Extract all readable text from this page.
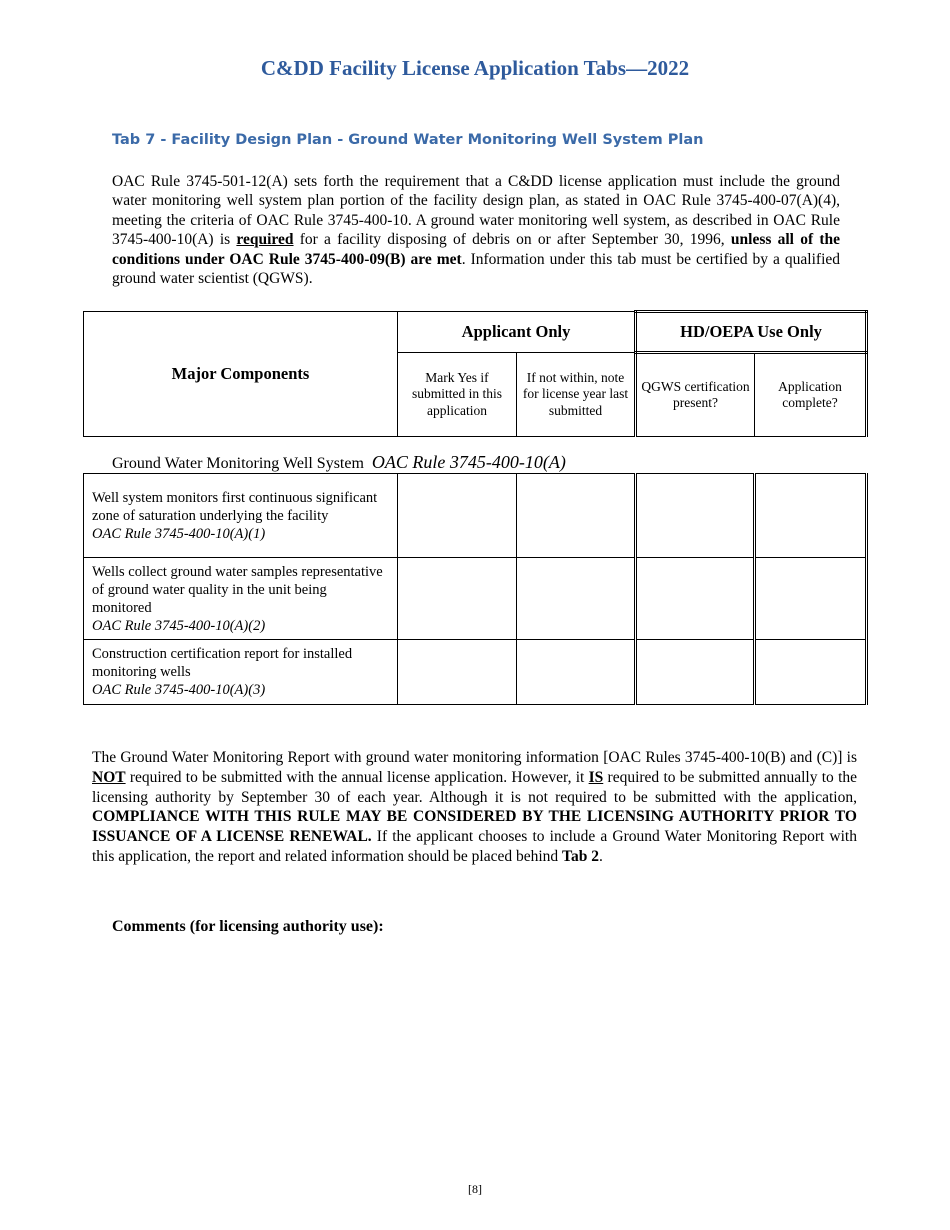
C&DD Facility License Application Tabs—2022
Tab 7 - Facility Design Plan - Ground Water Monitoring Well System Plan

OAC Rule 3745-501-12(A) sets forth the requirement that a C&DD license application must include the ground water monitoring well system plan portion of the facility design plan, as stated in OAC Rule 3745-400-07(A)(4), meeting the criteria of OAC Rule 3745-400-10. A ground water monitoring well system, as described in OAC Rule 3745-400-10(A) is required for a facility disposing of debris on or after September 30, 1996, unless all of the conditions under OAC Rule 3745-400-09(B) are met. Information under this tab must be certified by a qualified ground water scientist (QGWS).

Major Components	Applicant Only		HD/OEPA Use Only	
	Mark Yes if submitted in this application	If not within, note for license year last submitted	QGWS certification present?	Application complete?
Ground Water Monitoring Well System OAC Rule 3745-400-10(A)
Well system monitors first continuous significant zone of saturation underlying the facility
OAC Rule 3745-400-10(A)(1)				
Wells collect ground water samples representative of ground water quality in the unit being monitored
OAC Rule 3745-400-10(A)(2)				
Construction certification report for installed monitoring wells
OAC Rule 3745-400-10(A)(3)				

The Ground Water Monitoring Report with ground water monitoring information [OAC Rules 3745-400-10(B) and (C)] is NOT required to be submitted with the annual license application. However, it IS required to be submitted annually to the licensing authority by September 30 of each year. Although it is not required to be submitted with the application, COMPLIANCE WITH THIS RULE MAY BE CONSIDERED BY THE LICENSING AUTHORITY PRIOR TO ISSUANCE OF A LICENSE RENEWAL. If the applicant chooses to include a Ground Water Monitoring Report with this application, the report and related information should be placed behind Tab 2.

Comments (for licensing authority use):
[8]
